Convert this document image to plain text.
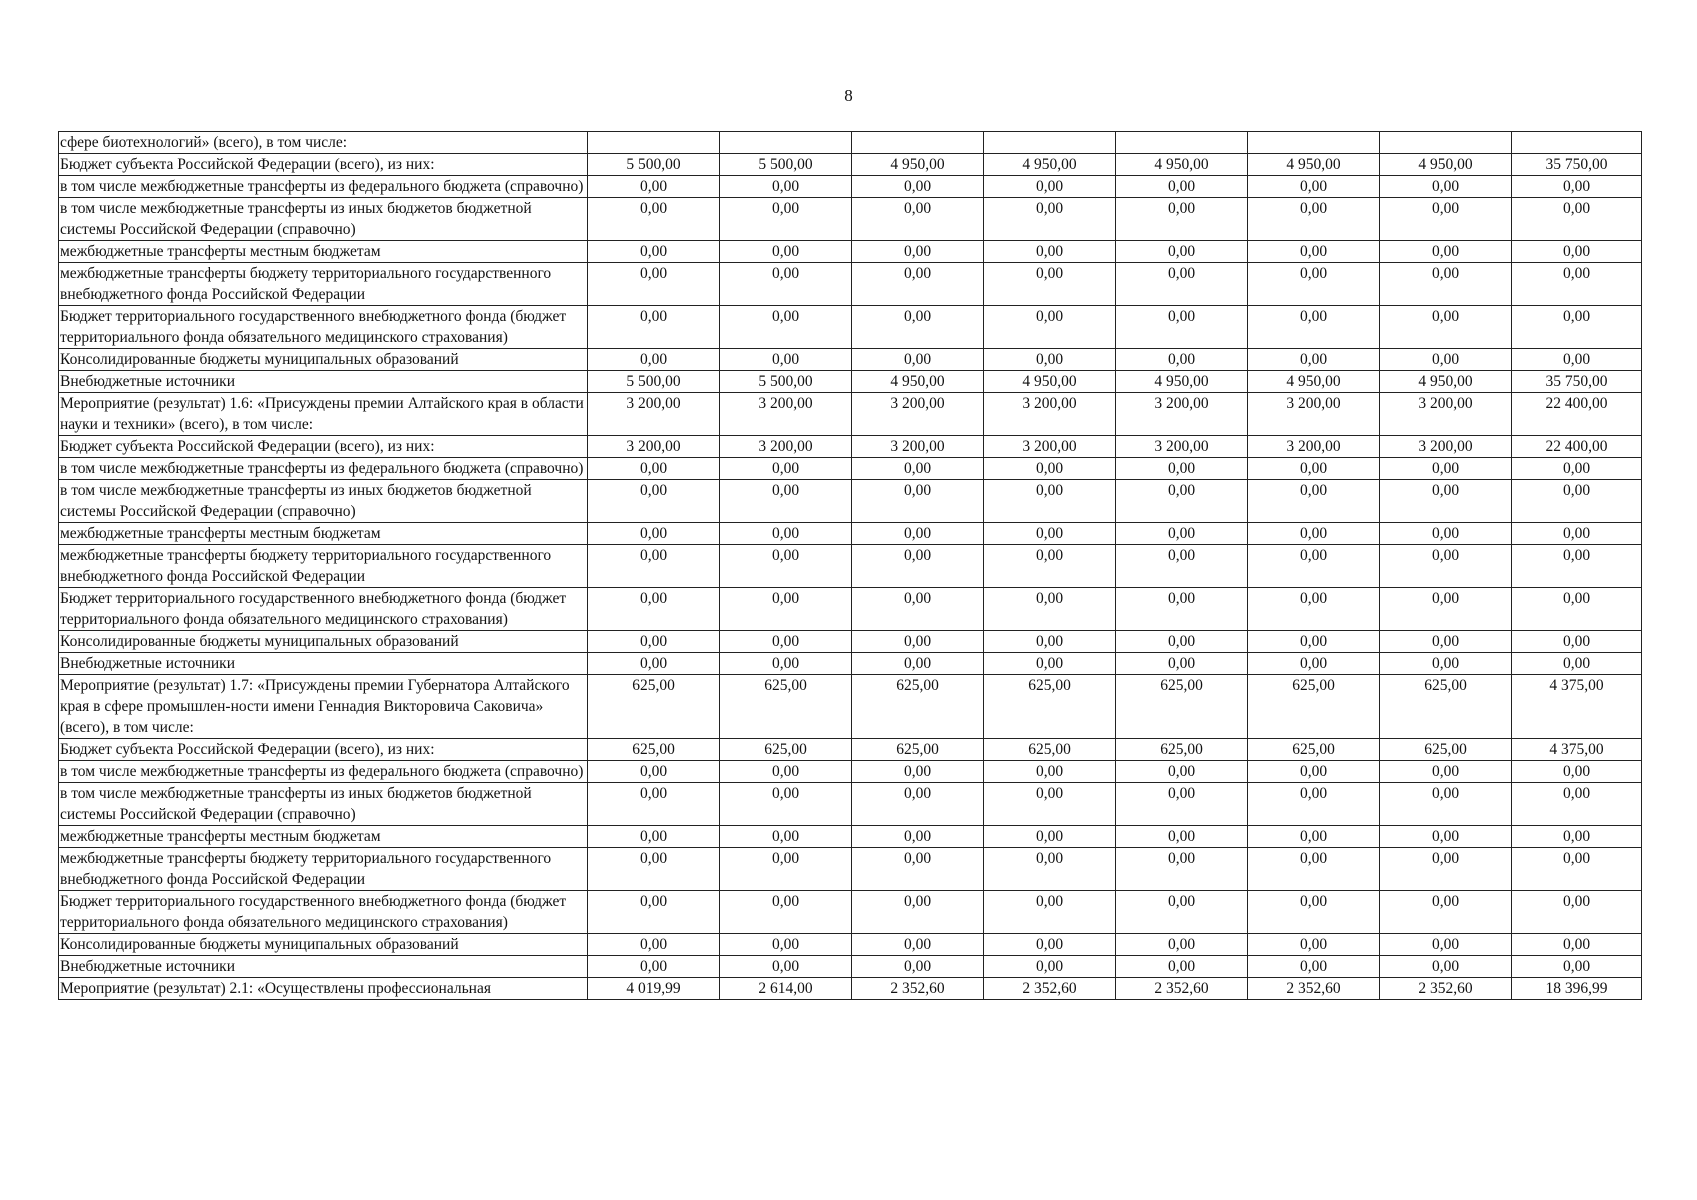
8
сфере биотехнологий» (всего), в том числе:								
Бюджет субъекта Российской Федерации (всего), из них:	5 500,00	5 500,00	4 950,00	4 950,00	4 950,00	4 950,00	4 950,00	35 750,00
в том числе межбюджетные трансферты из федерального бюджета (справочно)	0,00	0,00	0,00	0,00	0,00	0,00	0,00	0,00
в том числе межбюджетные трансферты из иных бюджетов бюджетной системы Российской Федерации (справочно)	0,00	0,00	0,00	0,00	0,00	0,00	0,00	0,00
межбюджетные трансферты местным бюджетам	0,00	0,00	0,00	0,00	0,00	0,00	0,00	0,00
межбюджетные трансферты бюджету территориального государственного внебюджетного фонда Российской Федерации	0,00	0,00	0,00	0,00	0,00	0,00	0,00	0,00
Бюджет территориального государственного внебюджетного фонда (бюджет территориального фонда обязательного медицинского страхования)	0,00	0,00	0,00	0,00	0,00	0,00	0,00	0,00
Консолидированные бюджеты муниципальных образований	0,00	0,00	0,00	0,00	0,00	0,00	0,00	0,00
Внебюджетные источники	5 500,00	5 500,00	4 950,00	4 950,00	4 950,00	4 950,00	4 950,00	35 750,00
Мероприятие (результат) 1.6: «Присуждены премии Алтайского края в области науки и техники» (всего), в том числе:	3 200,00	3 200,00	3 200,00	3 200,00	3 200,00	3 200,00	3 200,00	22 400,00
Бюджет субъекта Российской Федерации (всего), из них:	3 200,00	3 200,00	3 200,00	3 200,00	3 200,00	3 200,00	3 200,00	22 400,00
в том числе межбюджетные трансферты из федерального бюджета (справочно)	0,00	0,00	0,00	0,00	0,00	0,00	0,00	0,00
в том числе межбюджетные трансферты из иных бюджетов бюджетной системы Российской Федерации (справочно)	0,00	0,00	0,00	0,00	0,00	0,00	0,00	0,00
межбюджетные трансферты местным бюджетам	0,00	0,00	0,00	0,00	0,00	0,00	0,00	0,00
межбюджетные трансферты бюджету территориального государственного внебюджетного фонда Российской Федерации	0,00	0,00	0,00	0,00	0,00	0,00	0,00	0,00
Бюджет территориального государственного внебюджетного фонда (бюджет территориального фонда обязательного медицинского страхования)	0,00	0,00	0,00	0,00	0,00	0,00	0,00	0,00
Консолидированные бюджеты муниципальных образований	0,00	0,00	0,00	0,00	0,00	0,00	0,00	0,00
Внебюджетные источники	0,00	0,00	0,00	0,00	0,00	0,00	0,00	0,00
Мероприятие (результат) 1.7: «Присуждены премии Губернатора Алтайского края в сфере промышлен-ности имени Геннадия Викторовича Саковича» (всего), в том числе:	625,00	625,00	625,00	625,00	625,00	625,00	625,00	4 375,00
Бюджет субъекта Российской Федерации (всего), из них:	625,00	625,00	625,00	625,00	625,00	625,00	625,00	4 375,00
в том числе межбюджетные трансферты из федерального бюджета (справочно)	0,00	0,00	0,00	0,00	0,00	0,00	0,00	0,00
в том числе межбюджетные трансферты из иных бюджетов бюджетной системы Российской Федерации (справочно)	0,00	0,00	0,00	0,00	0,00	0,00	0,00	0,00
межбюджетные трансферты местным бюджетам	0,00	0,00	0,00	0,00	0,00	0,00	0,00	0,00
межбюджетные трансферты бюджету территориального государственного внебюджетного фонда Российской Федерации	0,00	0,00	0,00	0,00	0,00	0,00	0,00	0,00
Бюджет территориального государственного внебюджетного фонда (бюджет территориального фонда обязательного медицинского страхования)	0,00	0,00	0,00	0,00	0,00	0,00	0,00	0,00
Консолидированные бюджеты муниципальных образований	0,00	0,00	0,00	0,00	0,00	0,00	0,00	0,00
Внебюджетные источники	0,00	0,00	0,00	0,00	0,00	0,00	0,00	0,00
Мероприятие (результат) 2.1: «Осуществлены профессиональная	4 019,99	2 614,00	2 352,60	2 352,60	2 352,60	2 352,60	2 352,60	18 396,99
